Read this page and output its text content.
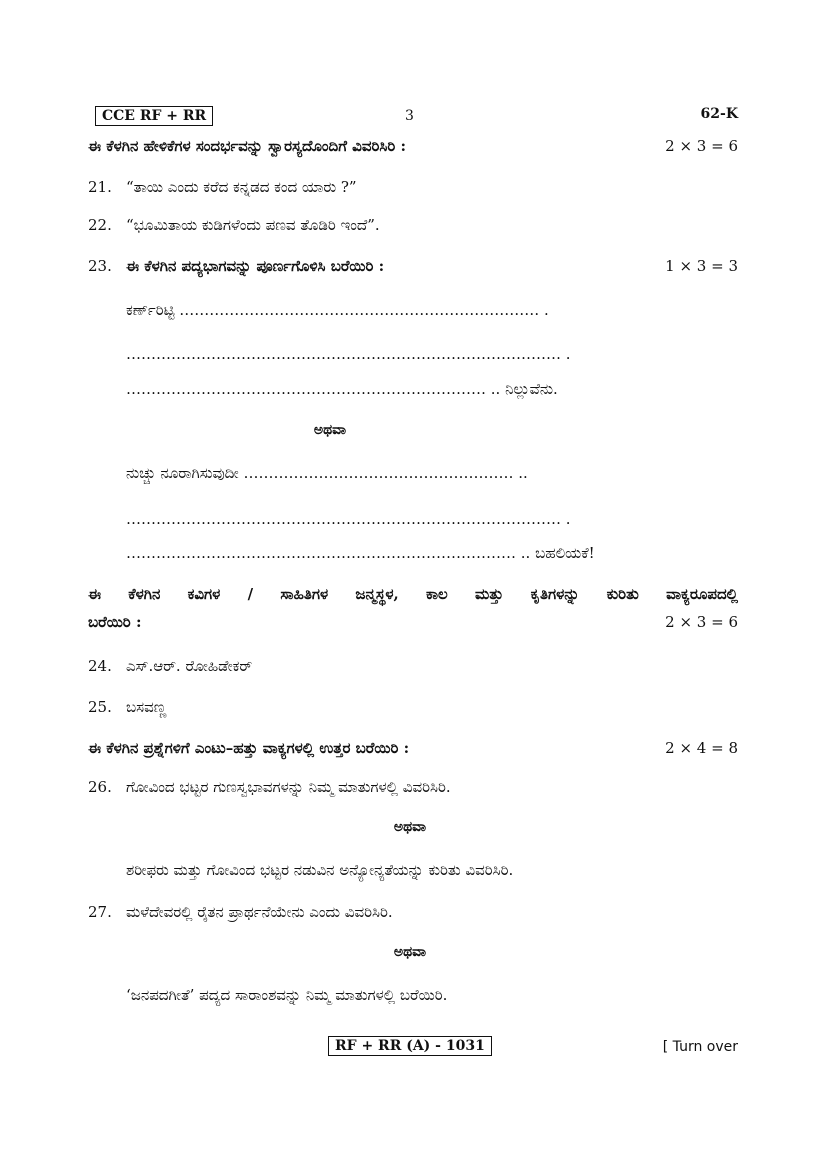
CCE RF + RR	3	62-K
ಈ ಕೆಳಗಿನ ಹೇಳಿಕೆಗಳ ಸಂದರ್ಭವನ್ನು ಸ್ವಾರಸ್ಯದೊಂದಿಗೆ ವಿವರಿಸಿರಿ :	2 × 3 = 6
21. “ತಾಯಿ ಎಂದು ಕರೆದ ಕನ್ನಡದ ಕಂದ ಯಾರು ?”
22. “ಭೂಮಿತಾಯ ಕುಡಿಗಳೆಂದು ಪಣವ ತೊಡಿರಿ ಇಂದೆ”.
23. ಈ ಕೆಳಗಿನ ಪದ್ಯಭಾಗವನ್ನು ಪೂರ್ಣಗೊಳಿಸಿ ಬರೆಯಿರಿ :	1 × 3 = 3
ಕರ್ಣ್‌ರಿಟ್ಟಿ ……………………………………………………………… .
…………………………………………………………………………… .
……………………………………………………………… .. ನಿಲ್ಲುವೆನು.
ಅಥವಾ
ನುಚ್ಚು ನೂರಾಗಿಸುವುದೀ ……………………………………………… ..
…………………………………………………………………………… .
…………………………………………………………………… .. ಬಹಲಿಯಕೆ!
ಈ ಕೆಳಗಿನ ಕವಿಗಳ / ಸಾಹಿತಿಗಳ ಜನ್ಮಸ್ಥಳ, ಕಾಲ ಮತ್ತು ಕೃತಿಗಳನ್ನು ಕುರಿತು ವಾಕ್ಯರೂಪದಲ್ಲಿ
ಬರೆಯಿರಿ :	2 × 3 = 6
24. ಎಸ್.ಆರ್. ರೋಹಿಡೇಕರ್
25. ಬಸವಣ್ಣ
ಈ ಕೆಳಗಿನ ಪ್ರಶ್ನೆಗಳಿಗೆ ಎಂಟು–ಹತ್ತು ವಾಕ್ಯಗಳಲ್ಲಿ ಉತ್ತರ ಬರೆಯಿರಿ :	2 × 4 = 8
26. ಗೋವಿಂದ ಭಟ್ಟರ ಗುಣಸ್ವಭಾವಗಳನ್ನು ನಿಮ್ಮ ಮಾತುಗಳಲ್ಲಿ ವಿವರಿಸಿರಿ.
ಅಥವಾ
ಶರೀಫರು ಮತ್ತು ಗೋವಿಂದ ಭಟ್ಟರ ನಡುವಿನ ಅನ್ಯೋನ್ಯತೆಯನ್ನು ಕುರಿತು ವಿವರಿಸಿರಿ.
27. ಮಳೆದೇವರಲ್ಲಿ ರೈತನ ಪ್ರಾರ್ಥನೆಯೇನು ಎಂದು ವಿವರಿಸಿರಿ.
ಅಥವಾ
‘ಜನಪದಗೀತೆ’ ಪದ್ಯದ ಸಾರಾಂಶವನ್ನು ನಿಮ್ಮ ಮಾತುಗಳಲ್ಲಿ ಬರೆಯಿರಿ.
RF + RR (A) - 1031	[ Turn over
